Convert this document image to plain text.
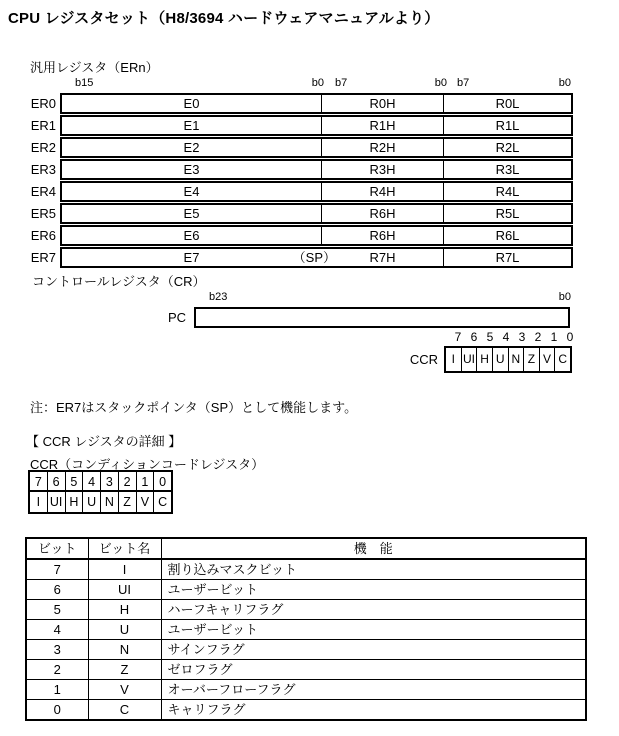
CPU レジスタセット（H8/3694 ハードウェアマニュアルより）
汎用レジスタ（ERn）
b15	b0 b7	b0 b7	b0
ER0	E0	R0H	R0L
ER1	E1	R1H	R1L
ER2	E2	R2H	R2L
ER3	E3	R3H	R3L
ER4	E4	R4H	R4L
ER5	E5	R6H	R5L
ER6	E6	R6H	R6L
ER7	E7	（SP）	R7H	R7L
コントロールレジスタ（CR）
b23	b0
PC
7 6 5 4 3 2 1 0
CCR	I UI H U N Z V C
注：ER7はスタックポインタ（SP）として機能します。
【 CCR レジスタの詳細 】
CCR（コンディションコードレジスタ）
7 6 5 4 3 2 1 0
I UI H U N Z V C
ビット	ビット名	機　能
7	I	割り込みマスクビット
6	UI	ユーザービット
5	H	ハーフキャリフラグ
4	U	ユーザービット
3	N	サインフラグ
2	Z	ゼロフラグ
1	V	オーバーフローフラグ
0	C	キャリフラグ
